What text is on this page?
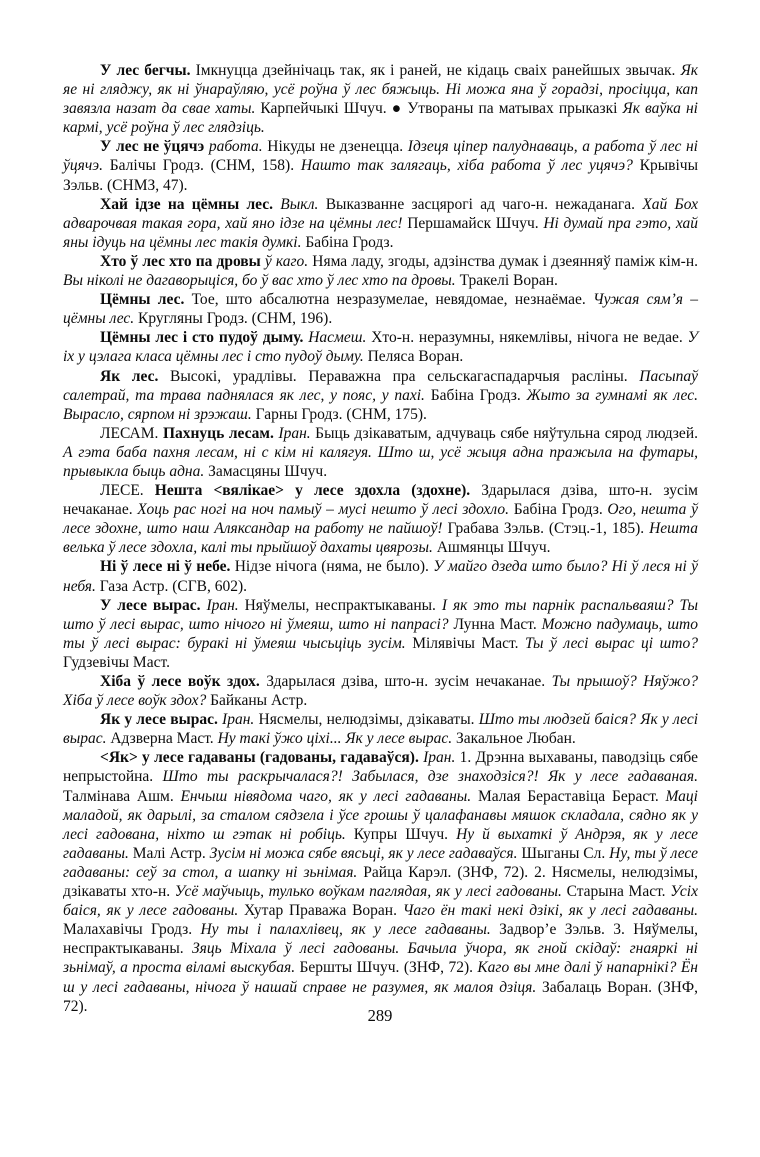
У лес бегчы. Імкнуцца дзейнічаць так, як і раней, не кідаць сваіх ранейшых звычак. Як яе ні гляджу, як ні ўнараўляю, усё роўна ў лес бяжыць. Ні можа яна ў горадзі, просіцца, кап завязла назат да свае хаты. Карпейчыкі Шчуч. ● Утвораны па матывах прыказкі Як ваўка ні кармі, усё роўна ў лес глядзіць.

У лес не ўцячэ работа. Нікуды не дзенецца. Ідзеця ціпер палуднаваць, а работа ў лес ні ўцячэ. Балічы Гродз. (СНМ, 158). Нашто так залягаць, хіба работа ў лес уцячэ? Крывічы Зэльв. (СНМЗ, 47).

Хай ідзе на цёмны лес. Выкл. Выказванне засцярогі ад чаго-н. нежаданага. Хай Бох адварочвая такая гора, хай яно ідзе на цёмны лес! Першамайск Шчуч. Ні думай пра гэто, хай яны ідуць на цёмны лес такія думкі. Бабіна Гродз.

Хто ў лес хто па дровы ў каго. Няма ладу, згоды, адзінства думак і дзеянняў паміж кім-н. Вы ніколі не дагаворыціся, бо ў вас хто ў лес хто па дровы. Тракелі Воран.

Цёмны лес. Тое, што абсалютна незразумелае, невядомае, незнаёмае. Чужая сям’я – цёмны лес. Кругляны Гродз. (СНМ, 196).

Цёмны лес і сто пудоў дыму. Насмеш. Хто-н. неразумны, някемлівы, нічога не ведае. У іх у цэлага класа цёмны лес і сто пудоў дыму. Пеляса Воран.

Як лес. Высокі, урадлівы. Пераважна пра сельскагаспадарчыя расліны. Пасыпаў салетрай, та трава паднялася як лес, у пояс, у пахі. Бабіна Гродз. Жыто за гумнамі як лес. Вырасло, сярпом ні зрэжаш. Гарны Гродз. (СНМ, 175).

ЛЕСАМ. Пахнуць лесам. Іран. Быць дзікаватым, адчуваць сябе няўтульна сярод людзей. А гэта баба пахня лесам, ні с кім ні калягуя. Што ш, усё жыця адна пражыла на футары, прывыкла быць адна. Замасцяны Шчуч.

ЛЕСЕ. Нешта <вялікае> у лесе здохла (здохне). Здарылася дзіва, што-н. зусім нечаканае. Хоць рас ногі на ноч памыў – мусі нешто ў лесі здохло. Бабіна Гродз. Ого, нешта ў лесе здохне, што наш Аляксандар на работу не пайшоў! Грабава Зэльв. (Стэц.-1, 185). Нешта велька ў лесе здохла, калі ты прыйшоў дахаты цвярозы. Ашмянцы Шчуч.

Ні ў лесе ні ў небе. Нідзе нічога (няма, не было). У майго дзеда што было? Ні ў леся ні ў небя. Газа Астр. (СГВ, 602).

У лесе вырас. Іран. Няўмелы, неспрактыкаваны. І як это ты парнік распальваяш? Ты што ў лесі вырас, што нічого ні ўмеяш, што ні папрасі? Лунна Маст. Можно падумаць, што ты ў лесі вырас: буракі ні ўмеяш чысьціць зусім. Мілявічы Маст. Ты ў лесі вырас ці што? Гудзевічы Маст.

Хіба ў лесе воўк здох. Здарылася дзіва, што-н. зусім нечаканае. Ты прышоў? Няўжо? Хіба ў лесе воўк здох? Байканы Астр.

Як у лесе вырас. Іран. Нясмелы, нелюдзімы, дзікаваты. Што ты людзей баіся? Як у лесі вырас. Адзверна Маст. Ну такі ўжо ціхі... Як у лесе вырас. Закальное Любан.

<Як> у лесе гадаваны (гадованы, гадаваўся). Іран. 1. Дрэнна выхаваны, паводзіць сябе непрыстойна. Што ты раскрычалася?! Забылася, дзе знаходзіся?! Як у лесе гадаваная. Талмінава Ашм. Енчыш нівядома чаго, як у лесі гадаваны. Малая Бераставіца Бераст. Маці маладой, як дарылі, за сталом сядзела і ўсе грошы ў цалафанавы мяшок складала, сядно як у лесі гадована, ніхто ш гэтак ні робіць. Купры Шчуч. Ну й выхаткі ў Андрэя, як у лесе гадаваны. Малі Астр. Зусім ні можа сябе вясьці, як у лесе гадаваўся. Шыганы Сл. Ну, ты ў лесе гадаваны: сеў за стол, а шапку ні зьнімая. Райца Карэл. (ЗНФ, 72). 2. Нясмелы, нелюдзімы, дзікаваты хто-н. Усё маўчыць, тулько воўкам паглядая, як у лесі гадованы. Старына Маст. Усіх баіся, як у лесе гадованы. Хутар Праважа Воран. Чаго ён такі некі дзікі, як у лесі гадаваны. Малахавічы Гродз. Ну ты і палахлівец, як у лесе гадаваны. Задвор’е Зэльв. 3. Няўмелы, неспрактыкаваны. Зяць Міхала ў лесі гадованы. Бачыла ўчора, як гной скідаў: гнаяркі ні зьнімаў, а проста віламі выскубая. Бершты Шчуч. (ЗНФ, 72). Каго вы мне далі ў напарнікі? Ён ш у лесі гадаваны, нічога ў нашай справе не разумея, як малоя дзіця. Забалаць Воран. (ЗНФ, 72).	289
